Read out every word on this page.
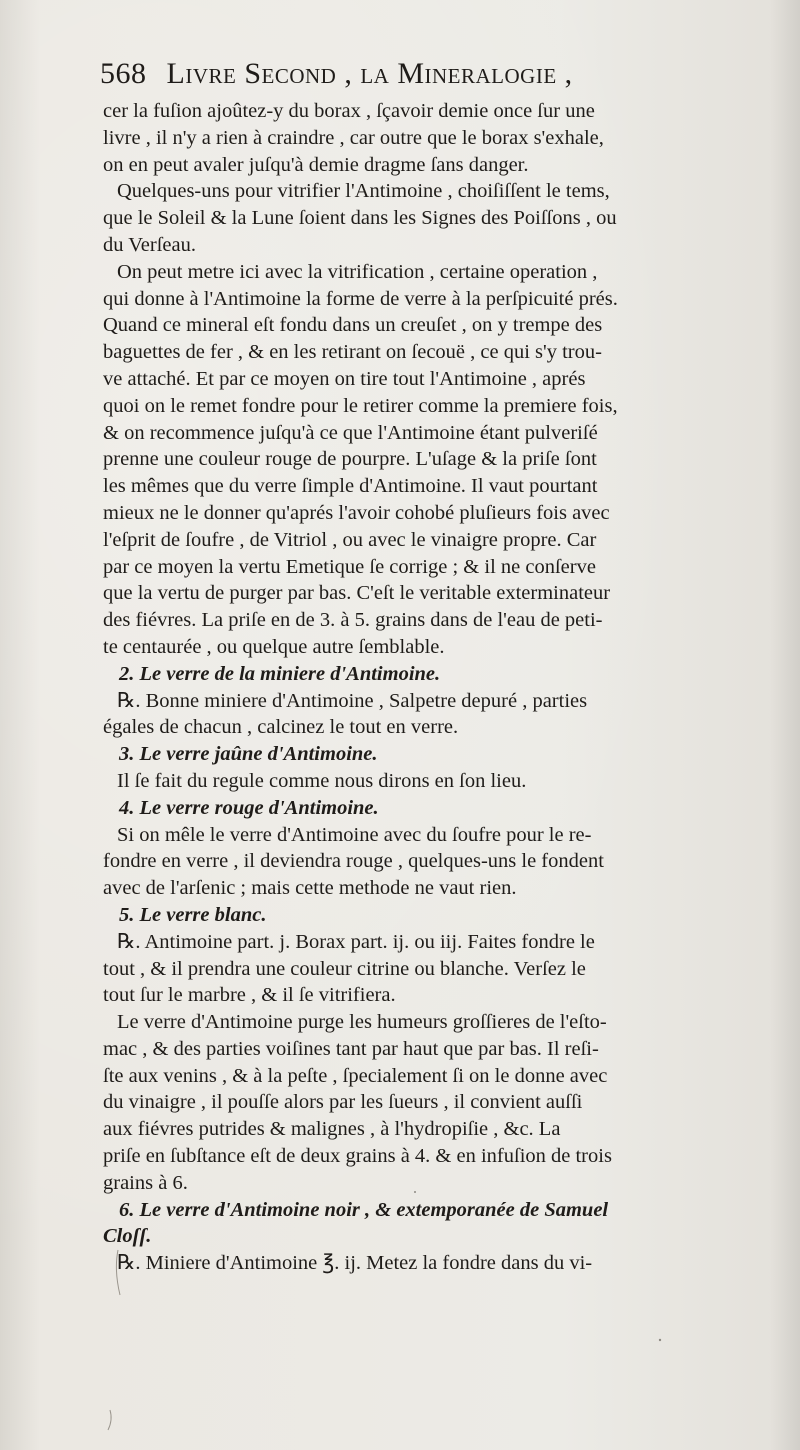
568 Livre Second , la Mineralogie ,
cer la fuſion ajoûtez-y du borax , ſçavoir demie once ſur une
livre , il n'y a rien à craindre , car outre que le borax s'exhale,
on en peut avaler juſqu'à demie dragme ſans danger.
Quelques-uns pour vitrifier l'Antimoine , choiſiſſent le tems,
que le Soleil & la Lune ſoient dans les Signes des Poiſſons , ou
du Verſeau.
On peut metre ici avec la vitrification , certaine operation ,
qui donne à l'Antimoine la forme de verre à la perſpicuité prés.
Quand ce mineral eſt fondu dans un creuſet , on y trempe des
baguettes de fer , & en les retirant on ſecouë , ce qui s'y trou-
ve attaché. Et par ce moyen on tire tout l'Antimoine , aprés
quoi on le remet fondre pour le retirer comme la premiere fois,
& on recommence juſqu'à ce que l'Antimoine étant pulveriſé
prenne une couleur rouge de pourpre. L'uſage & la priſe ſont
les mêmes que du verre ſimple d'Antimoine. Il vaut pourtant
mieux ne le donner qu'aprés l'avoir cohobé pluſieurs fois avec
l'eſprit de ſoufre , de Vitriol , ou avec le vinaigre propre. Car
par ce moyen la vertu Emetique ſe corrige ; & il ne conſerve
que la vertu de purger par bas. C'eſt le veritable exterminateur
des fiévres. La priſe en de 3. à 5. grains dans de l'eau de peti-
te centaurée , ou quelque autre ſemblable.
2. Le verre de la miniere d'Antimoine.
℞. Bonne miniere d'Antimoine , Salpetre depuré , parties
égales de chacun , calcinez le tout en verre.
3. Le verre jaûne d'Antimoine.
Il ſe fait du regule comme nous dirons en ſon lieu.
4. Le verre rouge d'Antimoine.
Si on mêle le verre d'Antimoine avec du ſoufre pour le re-
fondre en verre , il deviendra rouge , quelques-uns le fondent
avec de l'arſenic ; mais cette methode ne vaut rien.
5. Le verre blanc.
℞. Antimoine part. j. Borax part. ij. ou iij. Faites fondre le
tout , & il prendra une couleur citrine ou blanche. Verſez le
tout ſur le marbre , & il ſe vitrifiera.
Le verre d'Antimoine purge les humeurs groſſieres de l'eſto-
mac , & des parties voiſines tant par haut que par bas. Il reſi-
ſte aux venins , & à la peſte , ſpecialement ſi on le donne avec
du vinaigre , il pouſſe alors par les ſueurs , il convient auſſi
aux fiévres putrides & malignes , à l'hydropiſie , &c. La
priſe en ſubſtance eſt de deux grains à 4. & en infuſion de trois
grains à 6.
6. Le verre d'Antimoine noir , & extemporanée de Samuel
Cloſſ.
℞. Miniere d'Antimoine ℥. ij. Metez la fondre dans du vi-
